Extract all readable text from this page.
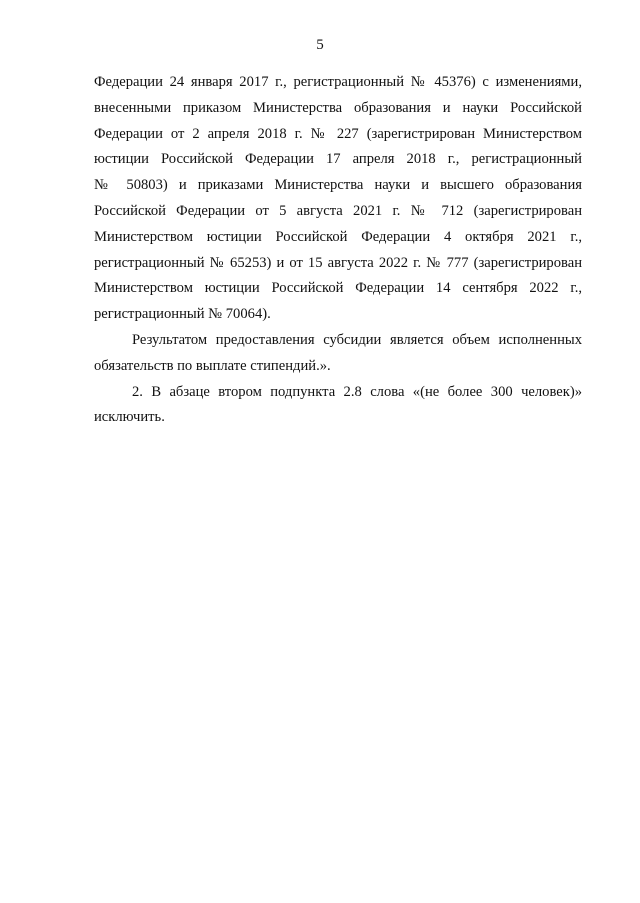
5
Федерации 24 января 2017 г., регистрационный № 45376) с изменениями,
внесенными приказом Министерства образования и науки Российской
Федерации от 2 апреля 2018 г. № 227 (зарегистрирован Министерством
юстиции Российской Федерации 17 апреля 2018 г., регистрационный
№ 50803) и приказами Министерства науки и высшего образования
Российской Федерации от 5 августа 2021 г. № 712 (зарегистрирован
Министерством юстиции Российской Федерации 4 октября 2021 г.,
регистрационный № 65253) и от 15 августа 2022 г. № 777 (зарегистрирован
Министерством юстиции Российской Федерации 14 сентября 2022 г.,
регистрационный № 70064).
Результатом предоставления субсидии является объем исполненных
обязательств по выплате стипендий.».
2. В абзаце втором подпункта 2.8 слова «(не более 300 человек)»
исключить.
